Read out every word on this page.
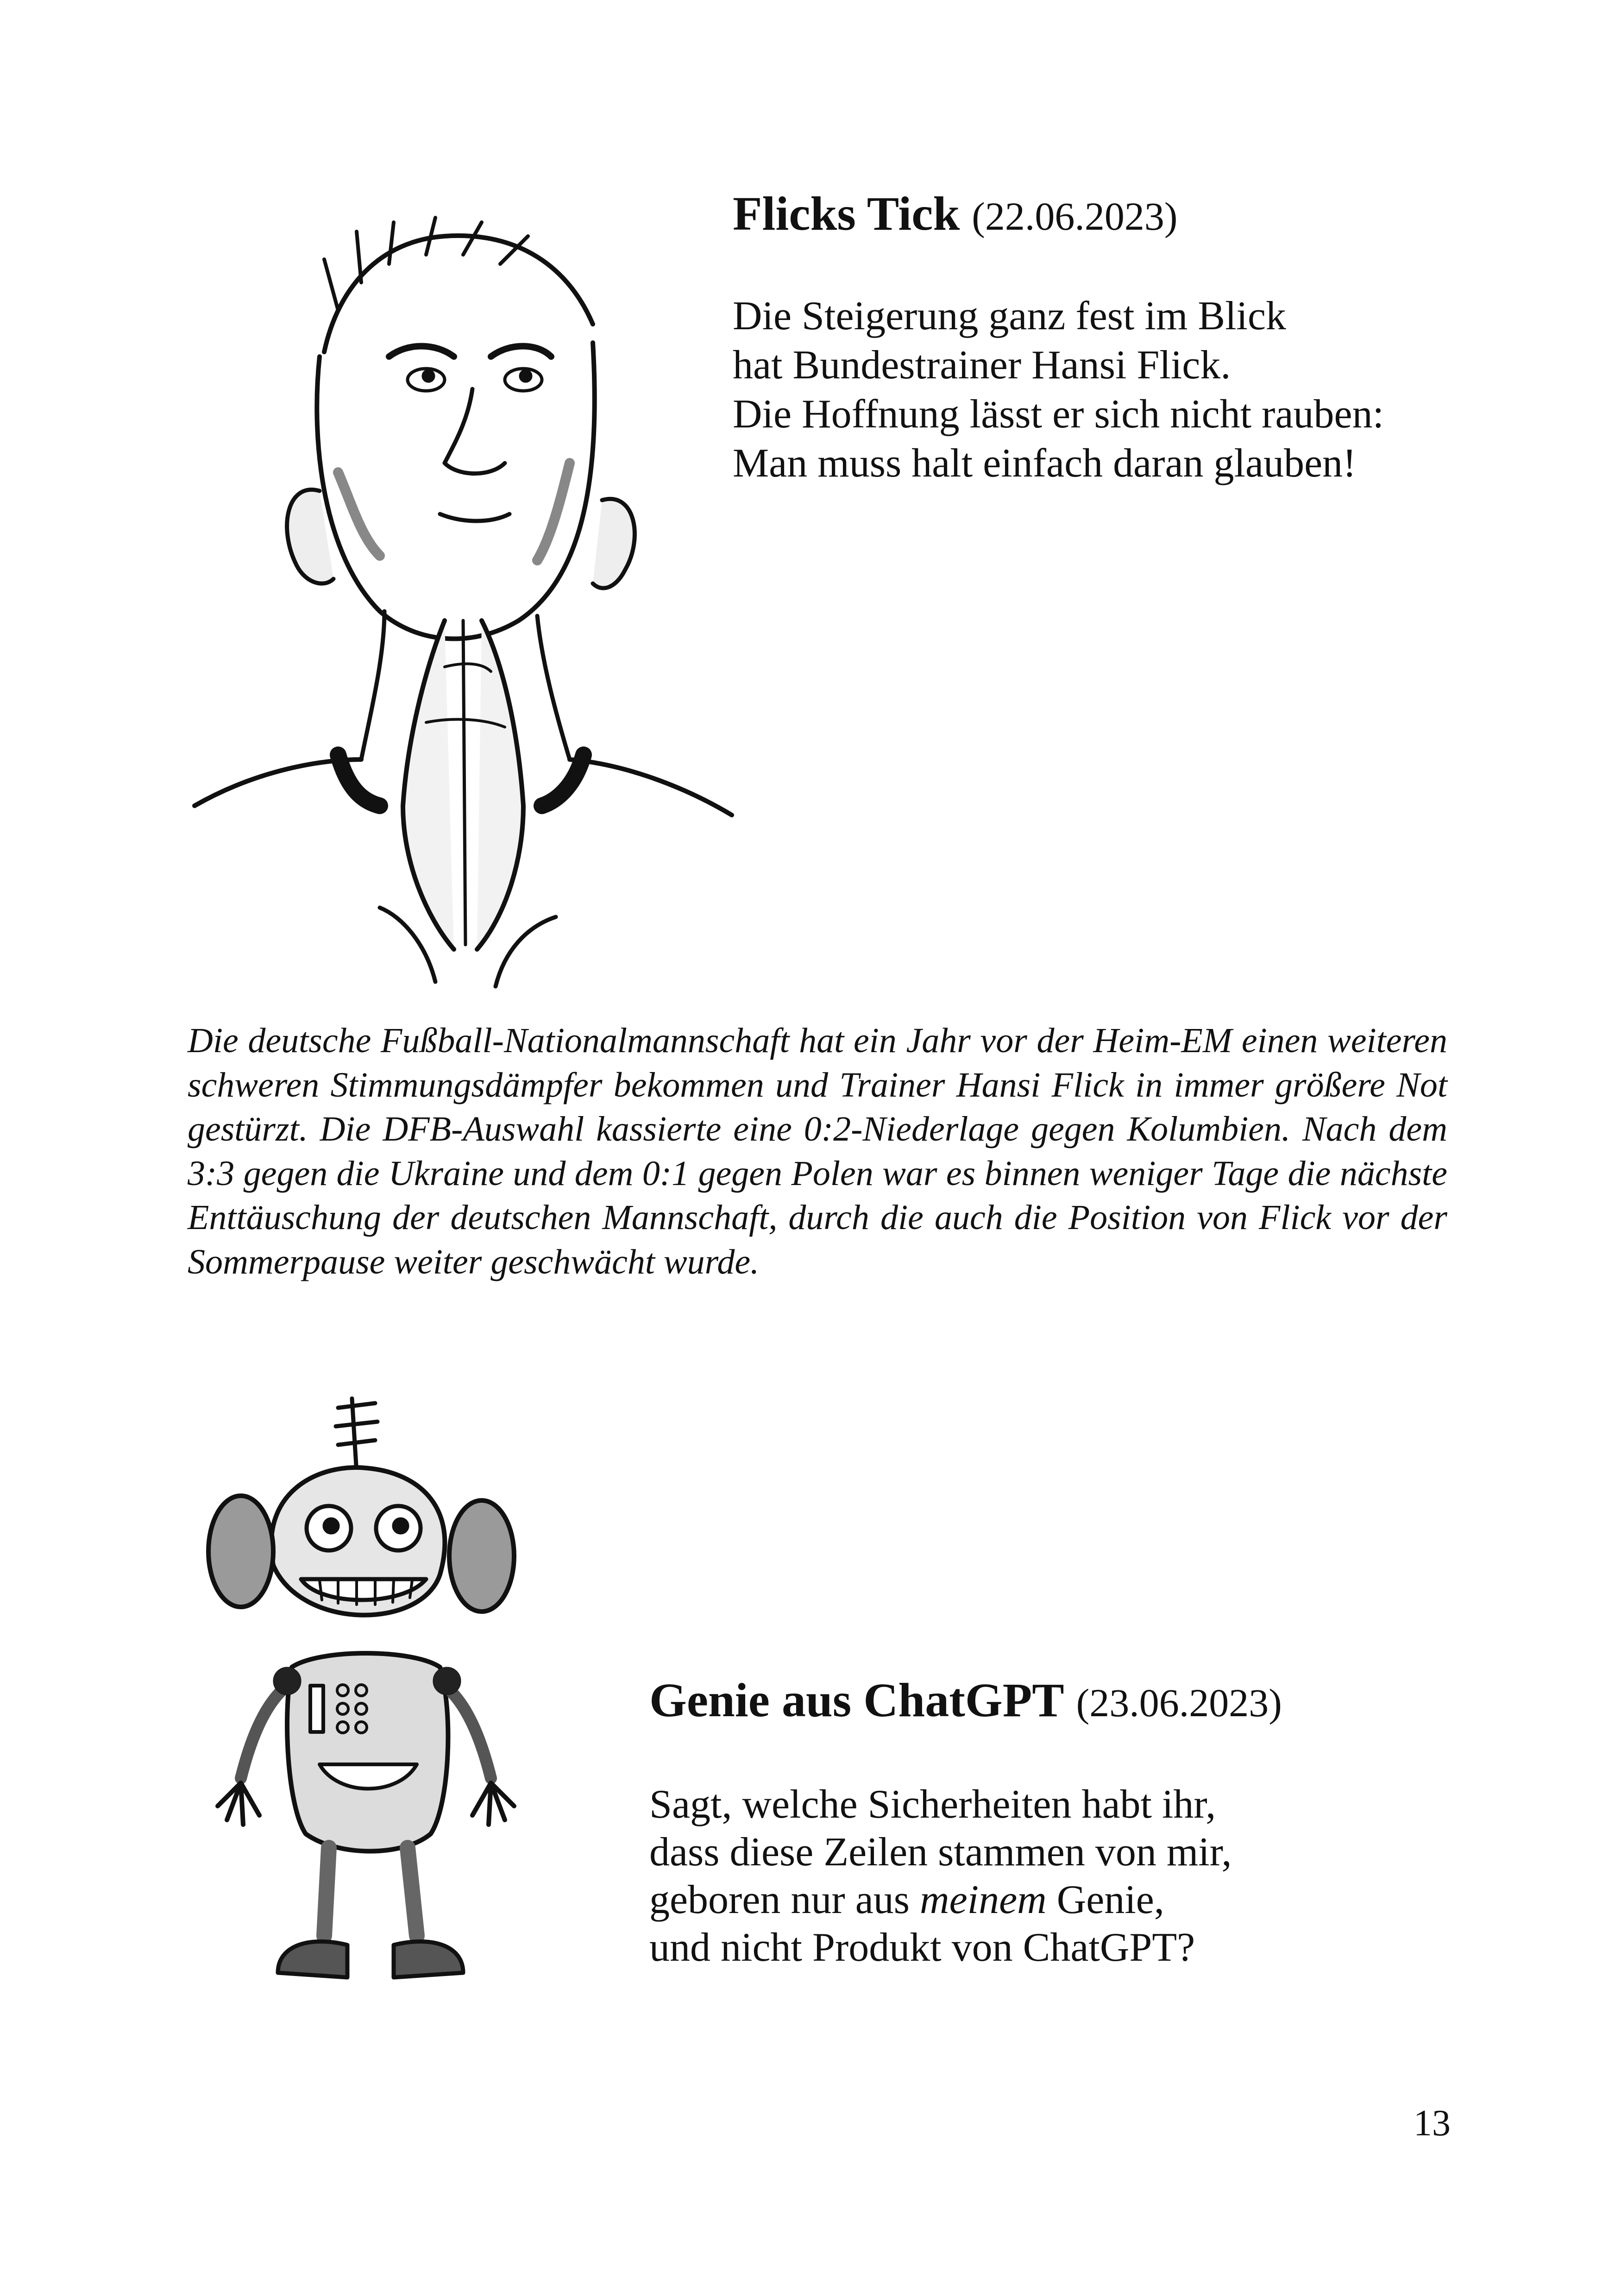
Flicks Tick (22.06.2023)
Die Steigerung ganz fest im Blick
hat Bundestrainer Hansi Flick.
Die Hoffnung lässt er sich nicht rauben:
Man muss halt einfach daran glauben!
Die deutsche Fußball-Nationalmannschaft hat ein Jahr vor der Heim-EM einen weiteren schweren Stimmungsdämpfer bekommen und Trainer Hansi Flick in immer größere Not gestürzt. Die DFB-Auswahl kassierte eine 0:2-Niederlage gegen Kolumbien. Nach dem 3:3 gegen die Ukraine und dem 0:1 gegen Polen war es binnen weniger Tage die nächste Enttäuschung der deutschen Mannschaft, durch die auch die Position von Flick vor der Sommerpause weiter geschwächt wurde.
Genie aus ChatGPT (23.06.2023)
Sagt, welche Sicherheiten habt ihr,
dass diese Zeilen stammen von mir,
geboren nur aus meinem Genie,
und nicht Produkt von ChatGPT?
13
